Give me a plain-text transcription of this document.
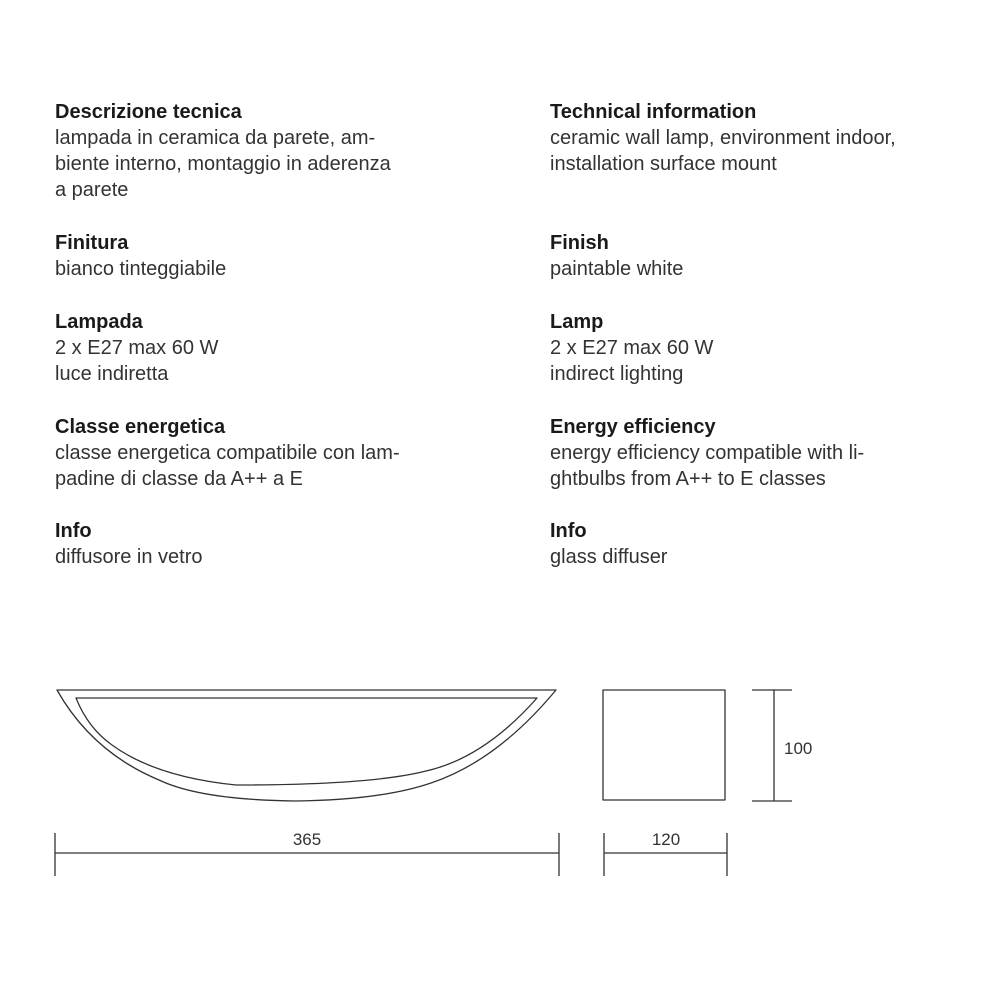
Descrizione tecnica
lampada in ceramica da parete, am-
biente interno, montaggio in aderenza
a parete
Finitura
bianco tinteggiabile
Lampada
2 x E27 max 60 W
luce indiretta
Classe energetica
classe energetica compatibile con lam-
padine di classe da A++ a E
Info
diffusore in vetro
Technical information
ceramic wall lamp, environment indoor,
installation surface mount
Finish
paintable white
Lamp
2 x E27 max 60 W
indirect lighting
Energy efficiency
energy efficiency compatible with li-
ghtbulbs from A++ to E classes
Info
glass diffuser
365	120
100
